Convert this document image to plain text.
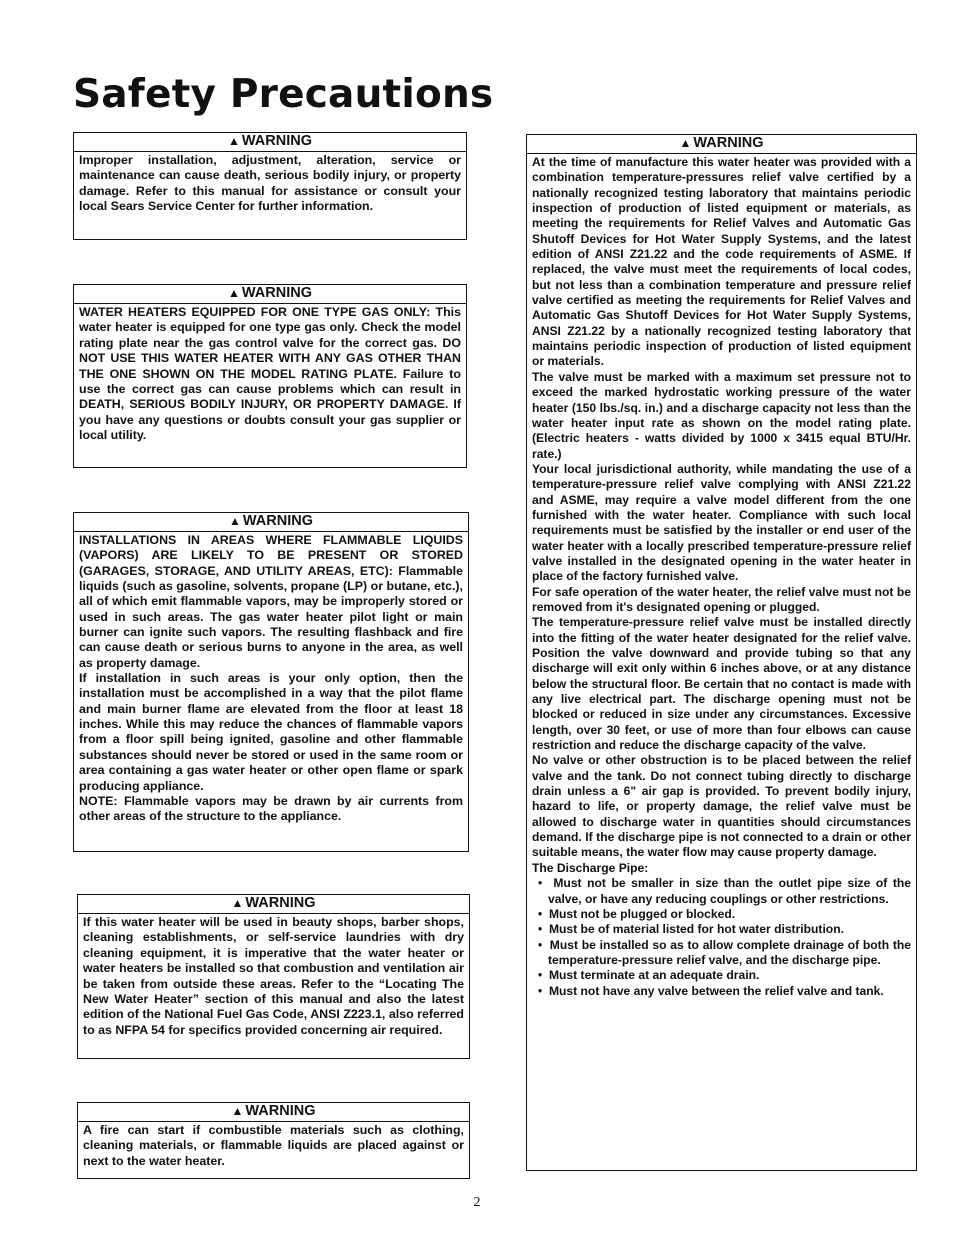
Safety Precautions
▲ WARNING

Improper installation, adjustment, alteration, service or maintenance can cause death, serious bodily injury, or property damage. Refer to this manual for assistance or consult your local Sears Service Center for further information.

▲ WARNING

WATER HEATERS EQUIPPED FOR ONE TYPE GAS ONLY: This water heater is equipped for one type gas only. Check the model rating plate near the gas control valve for the correct gas. DO NOT USE THIS WATER HEATER WITH ANY GAS OTHER THAN THE ONE SHOWN ON THE MODEL RATING PLATE. Failure to use the correct gas can cause problems which can result in DEATH, SERIOUS BODILY INJURY, OR PROPERTY DAMAGE. If you have any questions or doubts consult your gas supplier or local utility.

▲ WARNING

INSTALLATIONS IN AREAS WHERE FLAMMABLE LIQUIDS (VAPORS) ARE LIKELY TO BE PRESENT OR STORED (GARAGES, STORAGE, AND UTILITY AREAS, ETC): Flammable liquids (such as gasoline, solvents, propane (LP) or butane, etc.), all of which emit flammable vapors, may be improperly stored or used in such areas. The gas water heater pilot light or main burner can ignite such vapors. The resulting flashback and fire can cause death or serious burns to anyone in the area, as well as property damage.

If installation in such areas is your only option, then the installation must be accomplished in a way that the pilot flame and main burner flame are elevated from the floor at least 18 inches. While this may reduce the chances of flammable vapors from a floor spill being ignited, gasoline and other flammable substances should never be stored or used in the same room or area containing a gas water heater or other open flame or spark producing appliance.

NOTE: Flammable vapors may be drawn by air currents from other areas of the structure to the appliance.

▲ WARNING

If this water heater will be used in beauty shops, barber shops, cleaning establishments, or self-service laundries with dry cleaning equipment, it is imperative that the water heater or water heaters be installed so that combustion and ventilation air be taken from outside these areas. Refer to the “Locating The New Water Heater” section of this manual and also the latest edition of the National Fuel Gas Code, ANSI Z223.1, also referred to as NFPA 54 for specifics provided concerning air required.

▲ WARNING

A fire can start if combustible materials such as clothing, cleaning materials, or flammable liquids are placed against or next to the water heater.

▲ WARNING

At the time of manufacture this water heater was provided with a combination temperature-pressures relief valve certified by a nationally recognized testing laboratory that maintains periodic inspection of production of listed equipment or materials, as meeting the requirements for Relief Valves and Automatic Gas Shutoff Devices for Hot Water Supply Systems, and the latest edition of ANSI Z21.22 and the code requirements of ASME. If replaced, the valve must meet the requirements of local codes, but not less than a combination temperature and pressure relief valve certified as meeting the requirements for Relief Valves and Automatic Gas Shutoff Devices for Hot Water Supply Systems, ANSI Z21.22 by a nationally recognized testing laboratory that maintains periodic inspection of production of listed equipment or materials.

The valve must be marked with a maximum set pressure not to exceed the marked hydrostatic working pressure of the water heater (150 lbs./sq. in.) and a discharge capacity not less than the water heater input rate as shown on the model rating plate. (Electric heaters - watts divided by 1000 x 3415 equal BTU/Hr. rate.)

Your local jurisdictional authority, while mandating the use of a temperature-pressure relief valve complying with ANSI Z21.22 and ASME, may require a valve model different from the one furnished with the water heater. Compliance with such local requirements must be satisfied by the installer or end user of the water heater with a locally prescribed temperature-pressure relief valve installed in the designated opening in the water heater in place of the factory furnished valve.

For safe operation of the water heater, the relief valve must not be removed from it's designated opening or plugged.

The temperature-pressure relief valve must be installed directly into the fitting of the water heater designated for the relief valve. Position the valve downward and provide tubing so that any discharge will exit only within 6 inches above, or at any distance below the structural floor. Be certain that no contact is made with any live electrical part. The discharge opening must not be blocked or reduced in size under any circumstances. Excessive length, over 30 feet, or use of more than four elbows can cause restriction and reduce the discharge capacity of the valve.

No valve or other obstruction is to be placed between the relief valve and the tank. Do not connect tubing directly to discharge drain unless a 6" air gap is provided. To prevent bodily injury, hazard to life, or property damage, the relief valve must be allowed to discharge water in quantities should circumstances demand. If the discharge pipe is not connected to a drain or other suitable means, the water flow may cause property damage.

The Discharge Pipe:

•  Must not be smaller in size than the outlet pipe size of the valve, or have any reducing couplings or other restrictions.

•  Must not be plugged or blocked.

•  Must be of material listed for hot water distribution.

•  Must be installed so as to allow complete drainage of both the temperature-pressure relief valve, and the discharge pipe.

•  Must terminate at an adequate drain.

•  Must not have any valve between the relief valve and tank.

2
